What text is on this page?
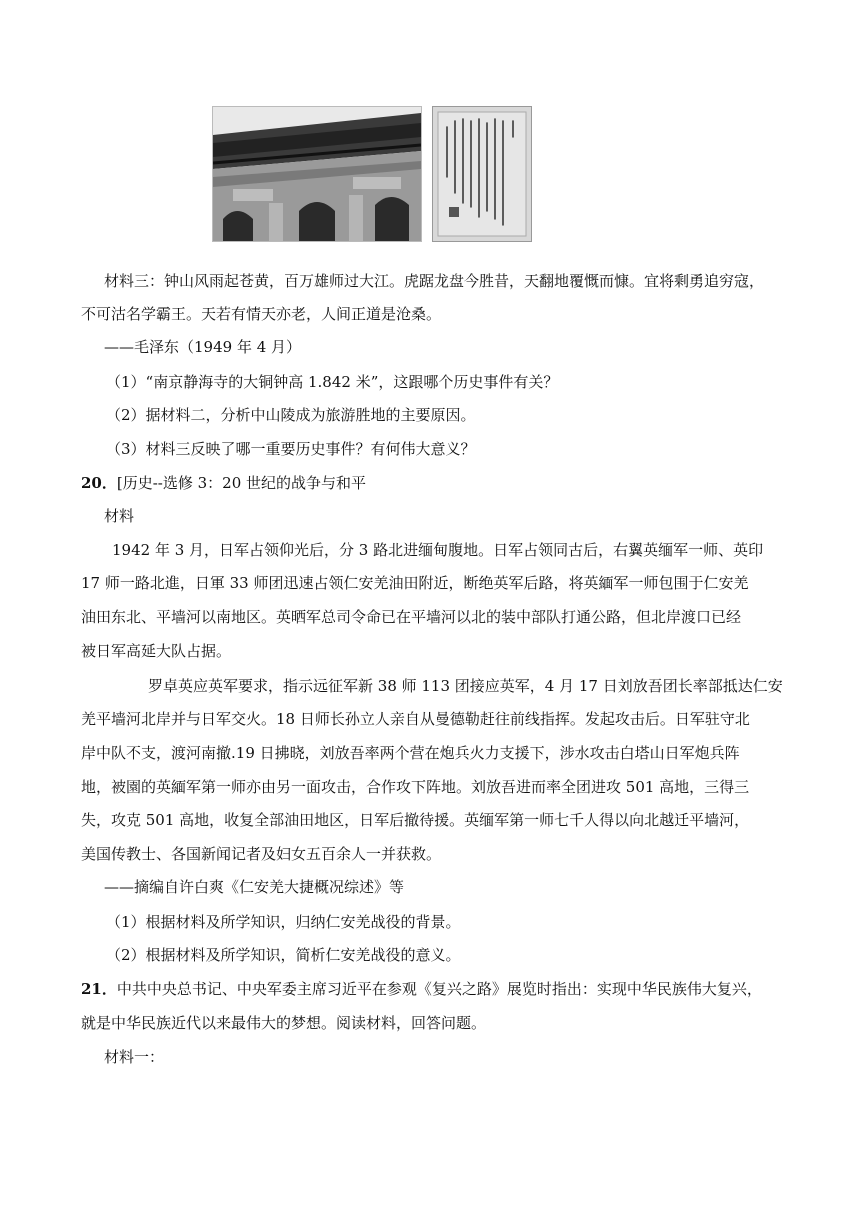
材料三：钟山风雨起苍黄，百万雄师过大江。虎踞龙盘今胜昔，天翻地覆慨而慷。宜将剩勇追穷寇，
不可沽名学霸王。天若有情天亦老，人间正道是沧桑。
——毛泽东（1949 年 4 月）
（1）“南京静海寺的大铜钟高 1.842 米”，这跟哪个历史事件有关？
（2）据材料二，分析中山陵成为旅游胜地的主要原因。
（3）材料三反映了哪一重要历史事件？有何伟大意义？
20．[历史--选修 3：20 世纪的战争与和平
材料
1942 年 3 月，日军占领仰光后，分 3 路北进缅甸腹地。日军占领同古后，右翼英缅军一师、英印
17 师一路北進，日軍 33 师团迅速占领仁安羌油田附近，断绝英军后路，将英緬军一师包围于仁安羌
油田东北、平墙河以南地区。英晒军总司令命已在平墙河以北的装中部队打通公路，但北岸渡口已经
被日军高延大队占据。
罗卓英应英军要求，指示远征军新 38 师 113 团接应英军，4 月 17 日刘放吾团长率部抵达仁安
羌平墙河北岸并与日军交火。18 日师长孙立人亲自从曼德勒赶往前线指挥。发起攻击后。日军驻守北
岸中队不支，渡河南撤.19 日拂晓，刘放吾率两个营在炮兵火力支援下，涉水攻击白塔山日军炮兵阵
地，被園的英緬军第一师亦由另一面攻击，合作攻下阵地。刘放吾进而率全团进攻 501 高地，三得三
失，攻克 501 高地，收复全部油田地区，日军后撤待援。英缅军第一师七千人得以向北越迁平墙河，
美国传教士、各国新闻记者及妇女五百余人一并获救。
——摘编自许白爽《仁安羌大捷概况综述》等
（1）根据材料及所学知识，归纳仁安羌战役的背景。
（2）根据材料及所学知识，简析仁安羌战役的意义。
21．中共中央总书记、中央军委主席习近平在参观《复兴之路》展览时指出：实现中华民族伟大复兴，
就是中华民族近代以来最伟大的梦想。阅读材料，回答问题。
材料一：
